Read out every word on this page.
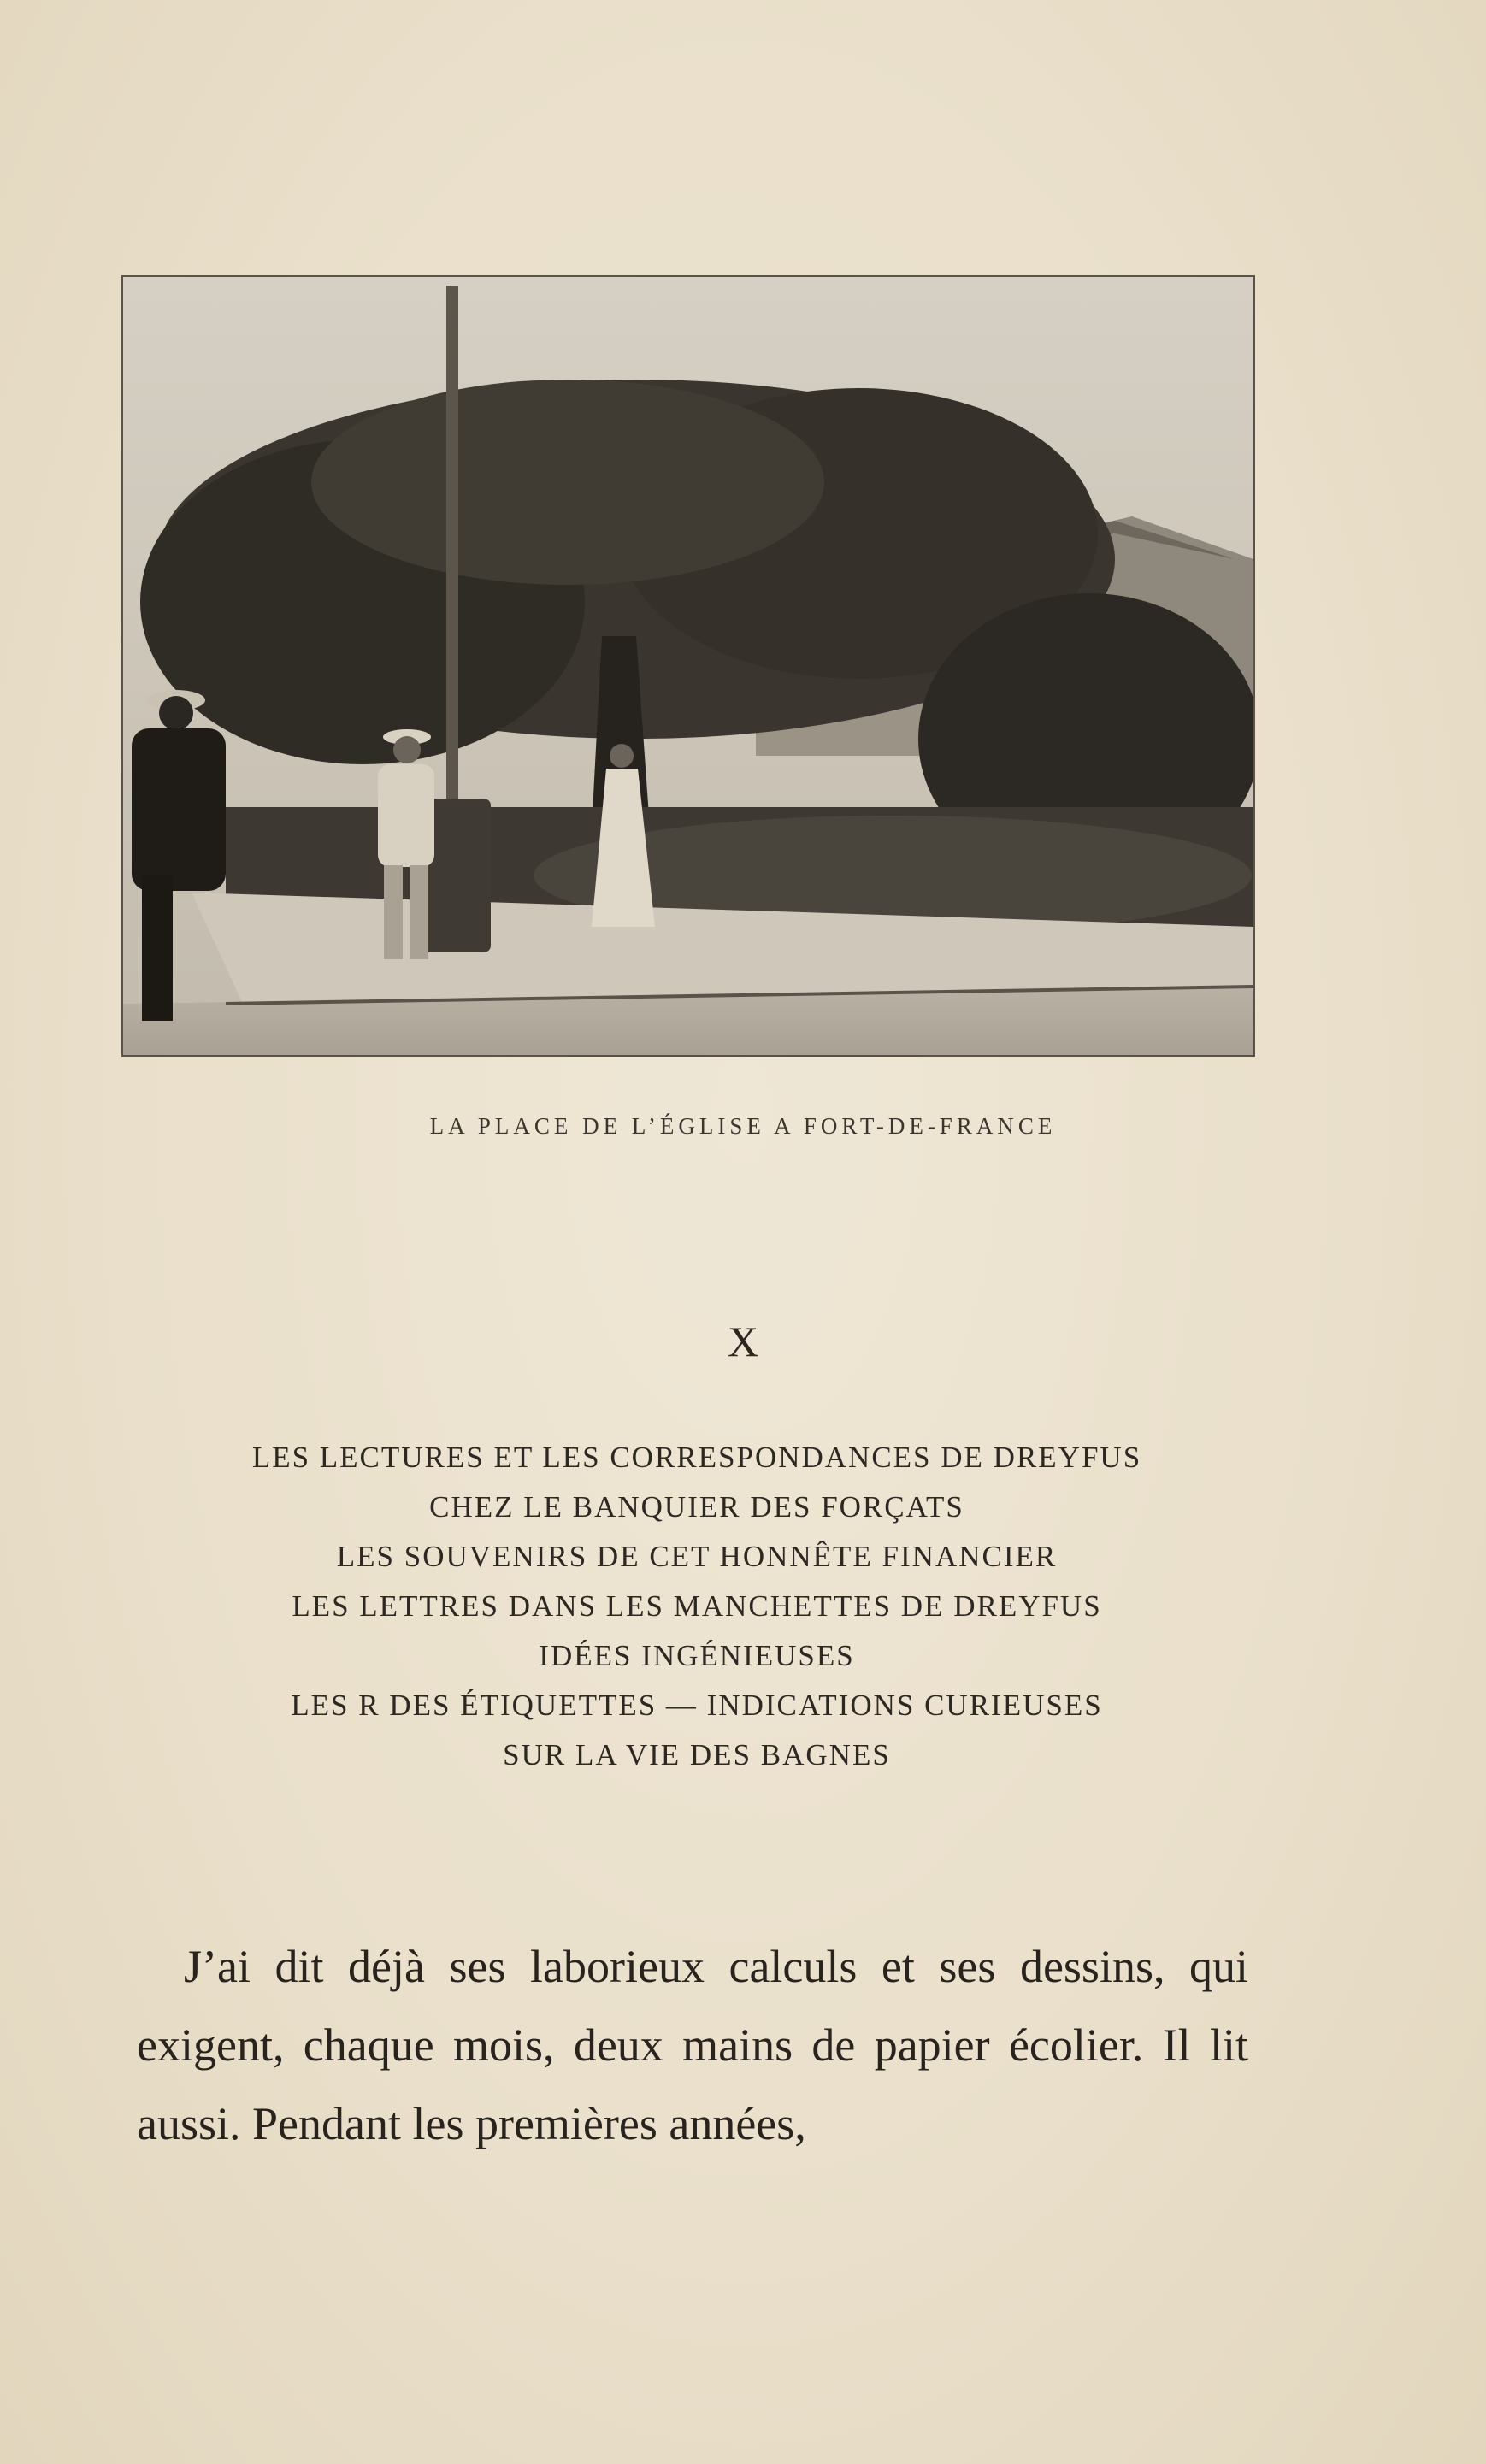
LA ‌PLACE DE L’ÉGLISE A FORT-DE-FRANCE
X
LES LECTURES ET LES CORRESPONDANCES DE DREYFUS
CHEZ LE BANQUIER DES FORÇATS
LES SOUVENIRS DE CET HONNÊTE FINANCIER
LES LETTRES DANS LES MANCHETTES DE DREYFUS
IDÉES INGÉNIEUSES
LES R DES ÉTIQUETTES — INDICATIONS CURIEUSES
SUR LA VIE DES BAGNES

J’ai dit déjà ses laborieux calculs et ses dessins, qui exigent, chaque mois, deux mains de papier écolier. Il lit aussi. Pendant les premières années,
